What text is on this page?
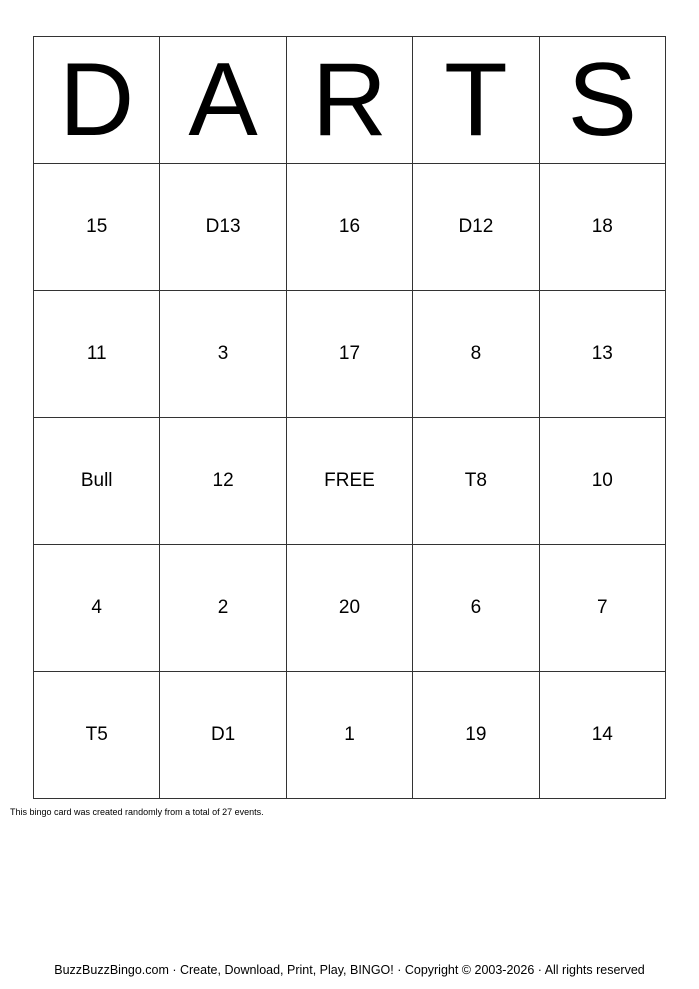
D	A	R	T	S
15	D13	16	D12	18
11	3	17	8	13
Bull	12	FREE	T8	10
4	2	20	6	7
T5	D1	1	19	14

This bingo card was created randomly from a total of 27 events.

BuzzBuzzBingo.com · Create, Download, Print, Play, BINGO! · Copyright © 2003-2026 · All rights reserved
